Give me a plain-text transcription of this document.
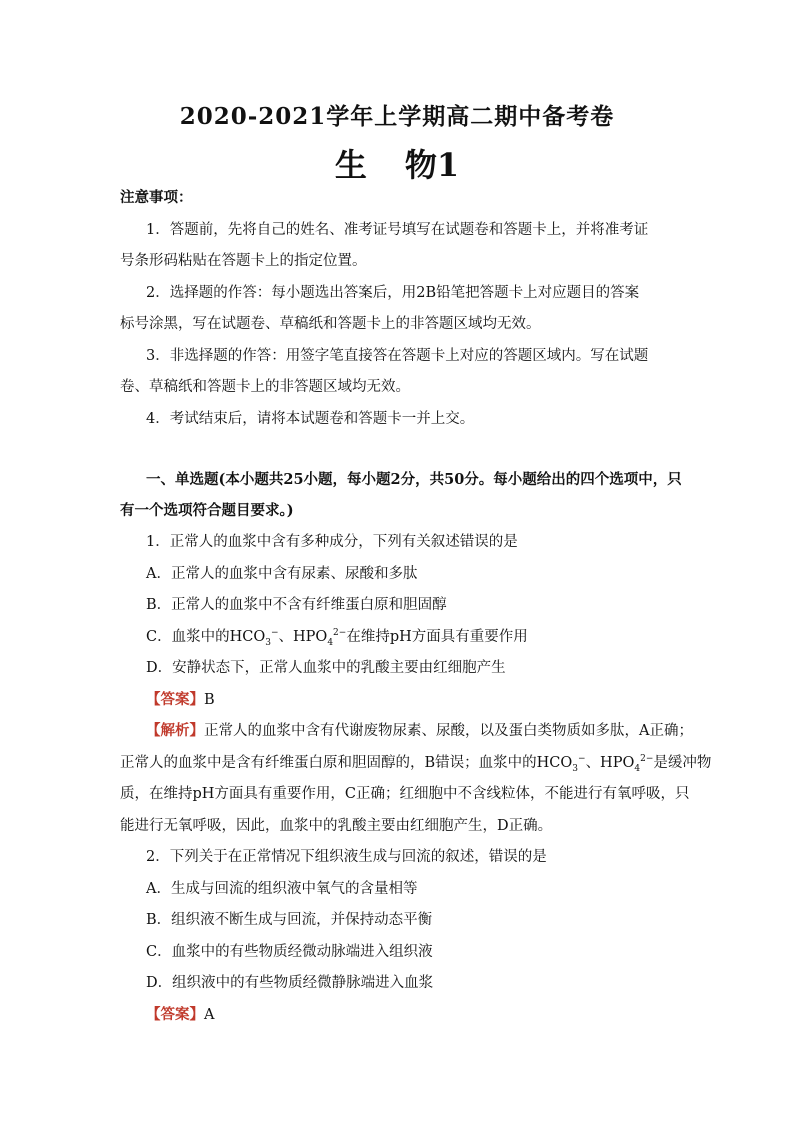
2020-2021学年上学期高二期中备考卷
生 物1
注意事项：
1．答题前，先将自己的姓名、准考证号填写在试题卷和答题卡上，并将准考证
号条形码粘贴在答题卡上的指定位置。
2．选择题的作答：每小题选出答案后，用2B铅笔把答题卡上对应题目的答案
标号涂黑，写在试题卷、草稿纸和答题卡上的非答题区域均无效。
3．非选择题的作答：用签字笔直接答在答题卡上对应的答题区域内。写在试题
卷、草稿纸和答题卡上的非答题区域均无效。
4．考试结束后，请将本试题卷和答题卡一并上交。
一、单选题(本小题共25小题，每小题2分，共50分。每小题给出的四个选项中，只
有一个选项符合题目要求。)
1．正常人的血浆中含有多种成分，下列有关叙述错误的是
A．正常人的血浆中含有尿素、尿酸和多肽
B．正常人的血浆中不含有纤维蛋白原和胆固醇
C．血浆中的$HCO_3^-$、$HPO_4^{2-}$在维持pH方面具有重要作用
D．安静状态下，正常人血浆中的乳酸主要由红细胞产生
【答案】B
【解析】正常人的血浆中含有代谢废物尿素、尿酸，以及蛋白类物质如多肽，A正确；
正常人的血浆中是含有纤维蛋白原和胆固醇的，B错误；血浆中的$HCO_3^-$、$HPO_4^{2-}$是缓冲物
质，在维持pH方面具有重要作用，C正确；红细胞中不含线粒体，不能进行有氧呼吸，只
能进行无氧呼吸，因此，血浆中的乳酸主要由红细胞产生，D正确。
2．下列关于在正常情况下组织液生成与回流的叙述，错误的是
A．生成与回流的组织液中氧气的含量相等
B．组织液不断生成与回流，并保持动态平衡
C．血浆中的有些物质经微动脉端进入组织液
D．组织液中的有些物质经微静脉端进入血浆
【答案】A
